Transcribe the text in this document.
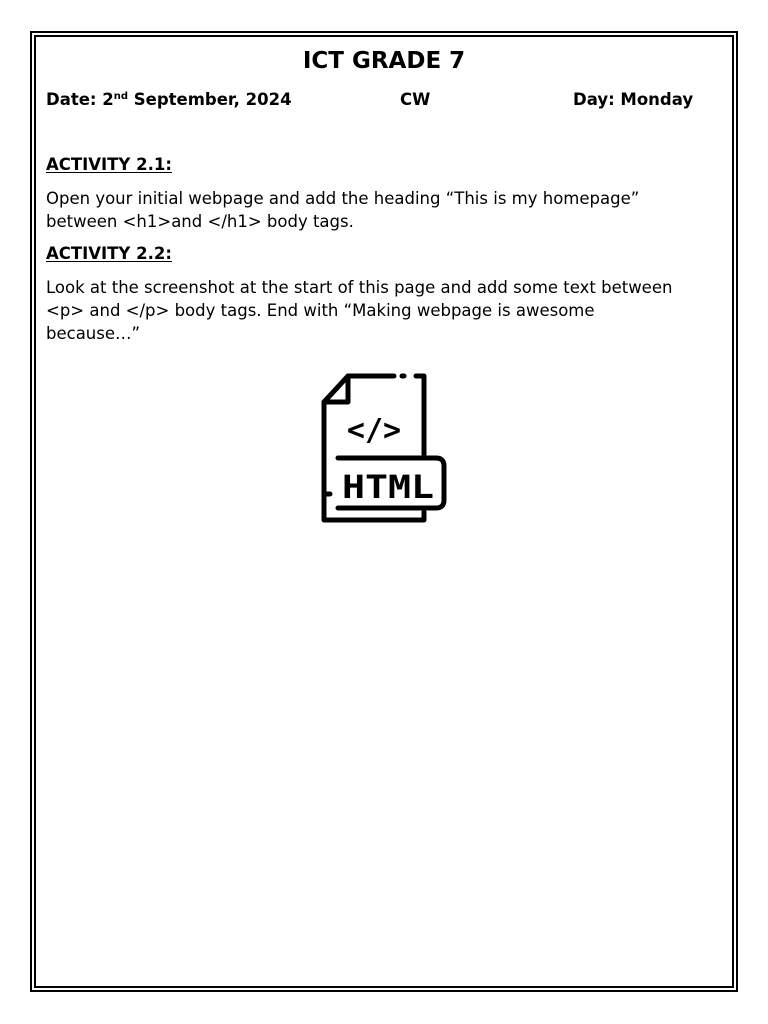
ICT GRADE 7
Date: 2nd September, 2024	CW	Day: Monday
ACTIVITY 2.1:
Open your initial webpage and add the heading “This is my homepage”
between <h1>and </h1> body tags.
ACTIVITY 2.2:
Look at the screenshot at the start of this page and add some text between
<p> and </p> body tags. End with “Making webpage is awesome
because…”
</>
HTML
